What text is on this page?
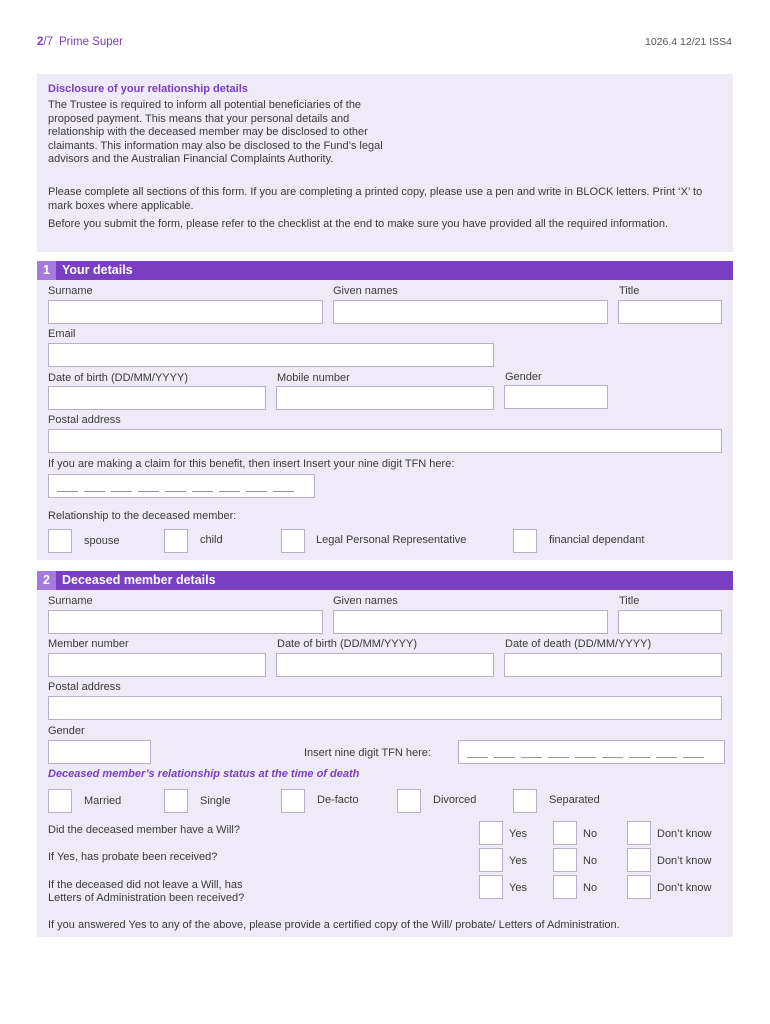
2/7 Prime Super	1026.4 12/21 ISS4
Disclosure of your relationship details
The Trustee is required to inform all potential beneficiaries of the proposed payment. This means that your personal details and relationship with the deceased member may be disclosed to other claimants. This information may also be disclosed to the Fund’s legal advisors and the Australian Financial Complaints Authority.
Please complete all sections of this form. If you are completing a printed copy, please use a pen and write in BLOCK letters. Print ‘X’ to mark boxes where applicable.
Before you submit the form, please refer to the checklist at the end to make sure you have provided all the required information.
1 Your details
Surname	Given names	Title
Email
Date of birth (DD/MM/YYYY)	Mobile number	Gender
Postal address
If you are making a claim for this benefit, then insert Insert your nine digit TFN here:
Relationship to the deceased member:
spouse	child	Legal Personal Representative	financial dependant
2 Deceased member details
Surname	Given names	Title
Member number	Date of birth (DD/MM/YYYY)	Date of death (DD/MM/YYYY)
Postal address
Gender
Insert nine digit TFN here:
Deceased member’s relationship status at the time of death
Married	Single	De-facto	Divorced	Separated
Did the deceased member have a Will?	Yes	No	Don’t know
If Yes, has probate been received?	Yes	No	Don’t know
If the deceased did not leave a Will, has
Letters of Administration been received?
Yes	No	Don’t know
If you answered Yes to any of the above, please provide a certified copy of the Will/ probate/ Letters of Administration.
